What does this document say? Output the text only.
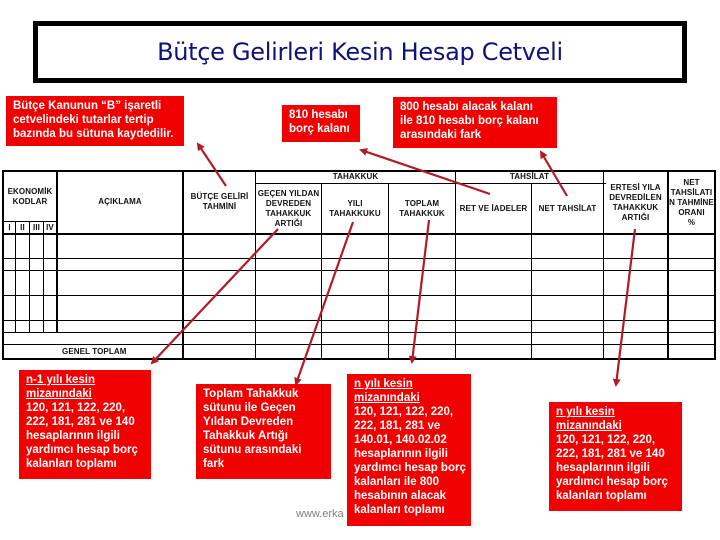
Bütçe Gelirleri Kesin Hesap Cetveli
Bütçe Kanunun “B” işaretli
cetvelindeki tutarlar tertip
bazında bu sütuna kaydedilir.
810 hesabı
borç kalanı
800 hesabı alacak kalanı
ile 810 hesabı borç kalanı
arasındaki fark
EKONOMİK
KODLAR
I II III IV
AÇIKLAMA
BÜTÇE GELİRİ
TAHMİNİ
TAHAKKUK
GEÇEN YILDAN
DEVREDEN
TAHAKKUK
ARTIĞI
YILI
TAHAKKUKU
TOPLAM
TAHAKKUK
TAHSİLAT
RET VE İADELER NET TAHSİLAT
ERTESİ YILA
DEVREDİLEN
TAHAKKUK
ARTIĞI
NET
TAHSİLATI
N TAHMİNE
ORANI
%
GENEL TOPLAM
n-1 yılı kesin
mizanındaki
120, 121, 122, 220,
222, 181, 281 ve 140
hesaplarının ilgili
yardımcı hesap borç
kalanları toplamı
Toplam Tahakkuk
sütunu ile Geçen
Yıldan Devreden
Tahakkuk Artığı
sütunu arasındaki
fark
www.erka
n yılı kesin
mizanındaki
120, 121, 122, 220,
222, 181, 281 ve
140.01, 140.02.02
hesaplarının ilgili
yardımcı hesap borç
kalanları ile 800
hesabının alacak
kalanları toplamı
n yılı kesin
mizanındaki
120, 121, 122, 220,
222, 181, 281 ve 140
hesaplarının ilgili
yardımcı hesap borç
kalanları toplamı
